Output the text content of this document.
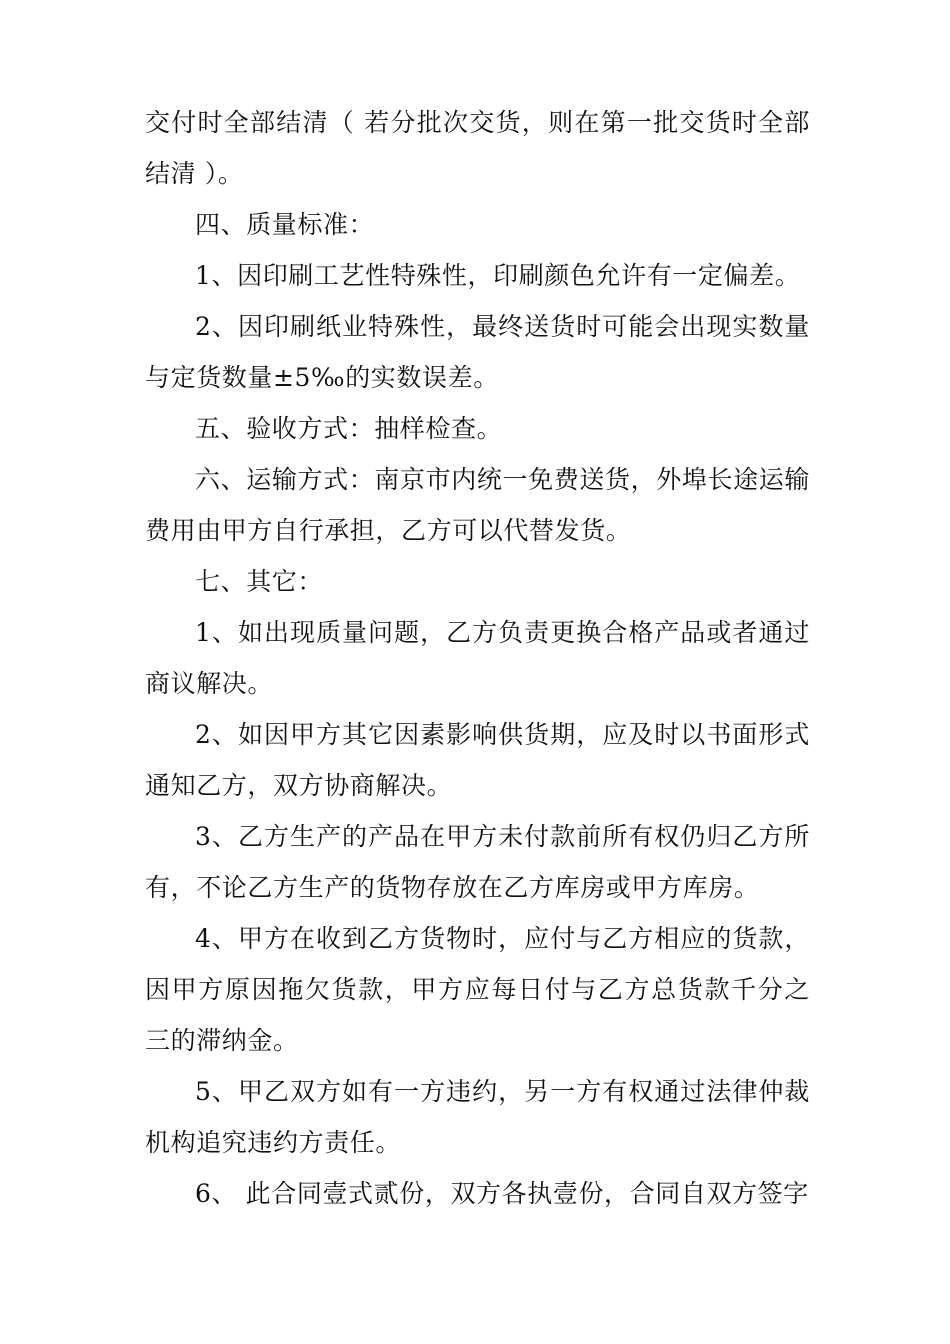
交付时全部结清（ 若分批次交货，则在第一批交货时全部结清 ）。

四、质量标准：

1、因印刷工艺性特殊性，印刷颜色允许有一定偏差。

2、因印刷纸业特殊性，最终送货时可能会出现实数量与定货数量±5‰的实数误差。

五、验收方式：抽样检查。

六、运输方式：南京市内统一免费送货，外埠长途运输费用由甲方自行承担，乙方可以代替发货。

七、其它：

1、如出现质量问题，乙方负责更换合格产品或者通过商议解决。

2、如因甲方其它因素影响供货期，应及时以书面形式通知乙方，双方协商解决。

3、乙方生产的产品在甲方未付款前所有权仍归乙方所有，不论乙方生产的货物存放在乙方库房或甲方库房。

4、甲方在收到乙方货物时，应付与乙方相应的货款，因甲方原因拖欠货款，甲方应每日付与乙方总货款千分之三的滞纳金。

5、甲乙双方如有一方违约，另一方有权通过法律仲裁机构追究违约方责任。

6、 此合同壹式贰份，双方各执壹份，合同自双方签字
